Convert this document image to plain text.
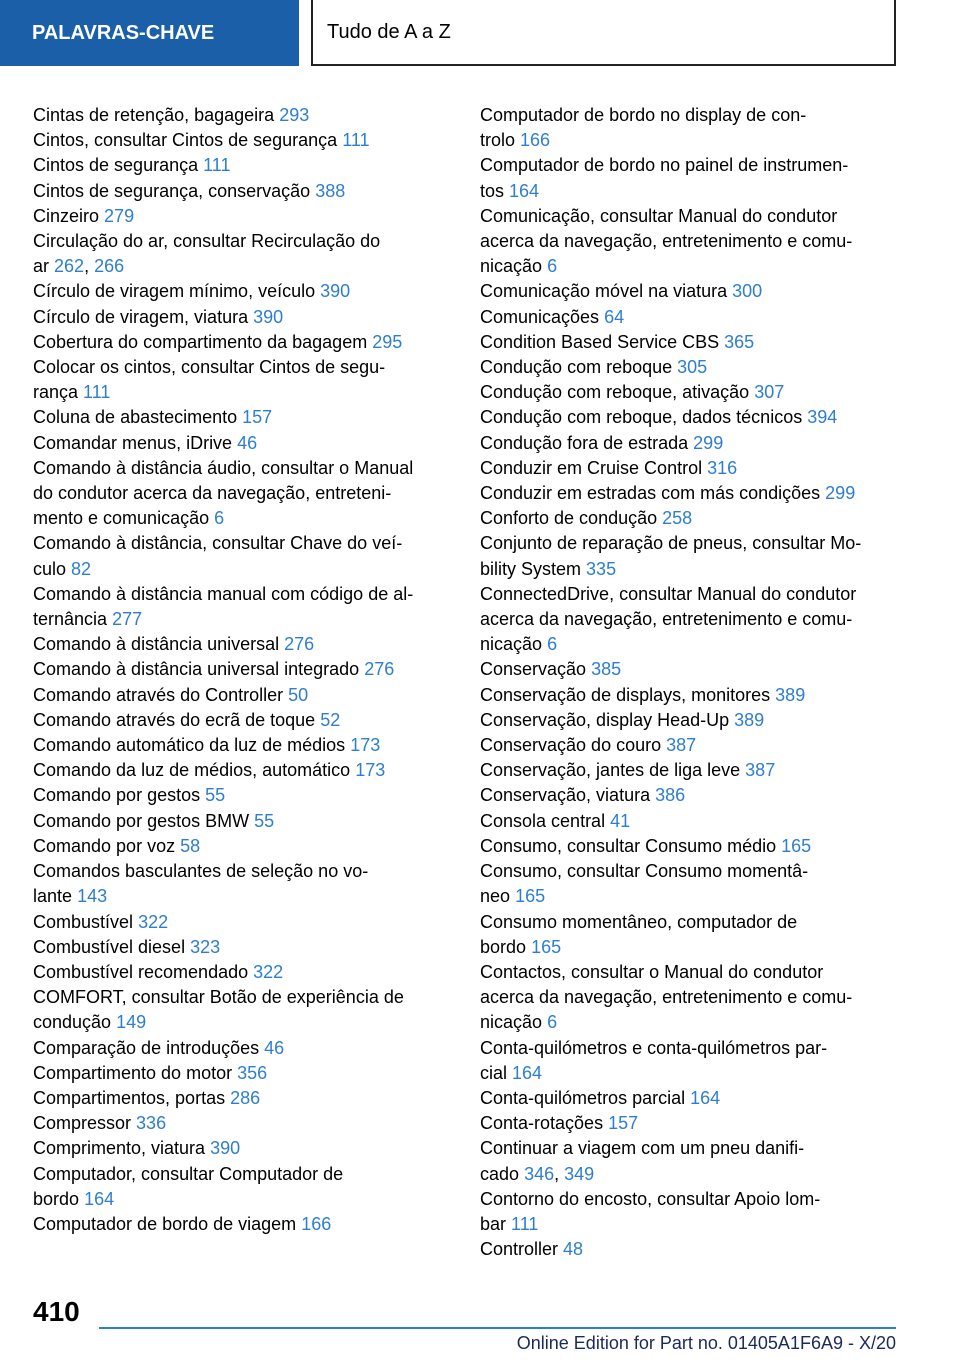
PALAVRAS-CHAVE	Tudo de A a Z
Cintas de retenção, bagageira 293
Cintos, consultar Cintos de segurança 111
Cintos de segurança 111
Cintos de segurança, conservação 388
Cinzeiro 279
Circulação do ar, consultar Recirculação do
ar 262, 266
Círculo de viragem mínimo, veículo 390
Círculo de viragem, viatura 390
Cobertura do compartimento da bagagem 295
Colocar os cintos, consultar Cintos de segu-
rança 111
Coluna de abastecimento 157
Comandar menus, iDrive 46
Comando à distância áudio, consultar o Manual
do condutor acerca da navegação, entreteni-
mento e comunicação 6
Comando à distância, consultar Chave do veí-
culo 82
Comando à distância manual com código de al-
ternância 277
Comando à distância universal 276
Comando à distância universal integrado 276
Comando através do Controller 50
Comando através do ecrã de toque 52
Comando automático da luz de médios 173
Comando da luz de médios, automático 173
Comando por gestos 55
Comando por gestos BMW 55
Comando por voz 58
Comandos basculantes de seleção no vo-
lante 143
Combustível 322
Combustível diesel 323
Combustível recomendado 322
COMFORT, consultar Botão de experiência de
condução 149
Comparação de introduções 46
Compartimento do motor 356
Compartimentos, portas 286
Compressor 336
Comprimento, viatura 390
Computador, consultar Computador de
bordo 164
Computador de bordo de viagem 166
Computador de bordo no display de con-
trolo 166
Computador de bordo no painel de instrumen-
tos 164
Comunicação, consultar Manual do condutor
acerca da navegação, entretenimento e comu-
nicação 6
Comunicação móvel na viatura 300
Comunicações 64
Condition Based Service CBS 365
Condução com reboque 305
Condução com reboque, ativação 307
Condução com reboque, dados técnicos 394
Condução fora de estrada 299
Conduzir em Cruise Control 316
Conduzir em estradas com más condições 299
Conforto de condução 258
Conjunto de reparação de pneus, consultar Mo-
bility System 335
ConnectedDrive, consultar Manual do condutor
acerca da navegação, entretenimento e comu-
nicação 6
Conservação 385
Conservação de displays, monitores 389
Conservação, display Head-Up 389
Conservação do couro 387
Conservação, jantes de liga leve 387
Conservação, viatura 386
Consola central 41
Consumo, consultar Consumo médio 165
Consumo, consultar Consumo momentâ-
neo 165
Consumo momentâneo, computador de
bordo 165
Contactos, consultar o Manual do condutor
acerca da navegação, entretenimento e comu-
nicação 6
Conta-quilómetros e conta-quilómetros par-
cial 164
Conta-quilómetros parcial 164
Conta-rotações 157
Continuar a viagem com um pneu danifi-
cado 346, 349
Contorno do encosto, consultar Apoio lom-
bar 111
Controller 48
410
Online Edition for Part no. 01405A1F6A9 - X/20
